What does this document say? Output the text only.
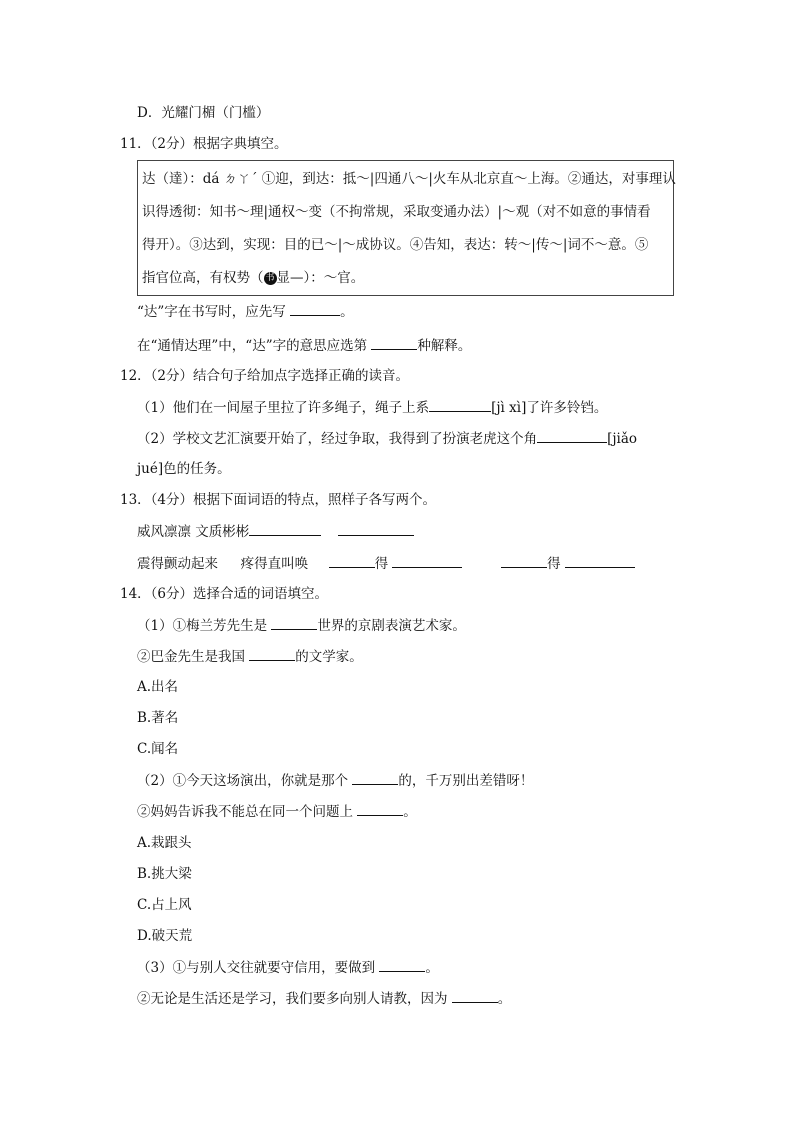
D．光耀门楣（门槛）
11．（2分）根据字典填空。
达（達）：dá ㄉㄚˊ ①迎，到达：抵～|四通八～|火车从北京直～上海。②通达，对事理认
识得透彻：知书～理|通权～变（不拘常规，采取变通办法）|～观（对不如意的事情看
得开）。③达到，实现：目的已～|～成协议。④告知，表达：转～|传～|词不～意。⑤
指官位高，有权势（ 书 显—）：～官。
“达”字在书写时，应先写	。
在“通情达理”中，“达”字的意思应选第	种解释。
12．（2分）结合句子给加点字选择正确的读音。
（1）他们在一间屋子里拉了许多绳子，绳子上系	[jì xì]了许多铃铛。
（2）学校文艺汇演要开始了，经过争取，我得到了扮演老虎这个角	[jiǎo
jué]色的任务。
13．（4分）根据下面词语的特点，照样子各写两个。
威风凛凛 文质彬彬
震得颤动起来 疼得直叫唤	得	得
14．（6分）选择合适的词语填空。
（1）①梅兰芳先生是	世界的京剧表演艺术家。
②巴金先生是我国	的文学家。
A.出名
B.著名
C.闻名
（2）①今天这场演出，你就是那个	的，千万别出差错呀！
②妈妈告诉我不能总在同一个问题上	。
A.栽跟头
B.挑大梁
C.占上风
D.破天荒
（3）①与别人交往就要守信用，要做到	。
②无论是生活还是学习，我们要多向别人请教，因为	。
